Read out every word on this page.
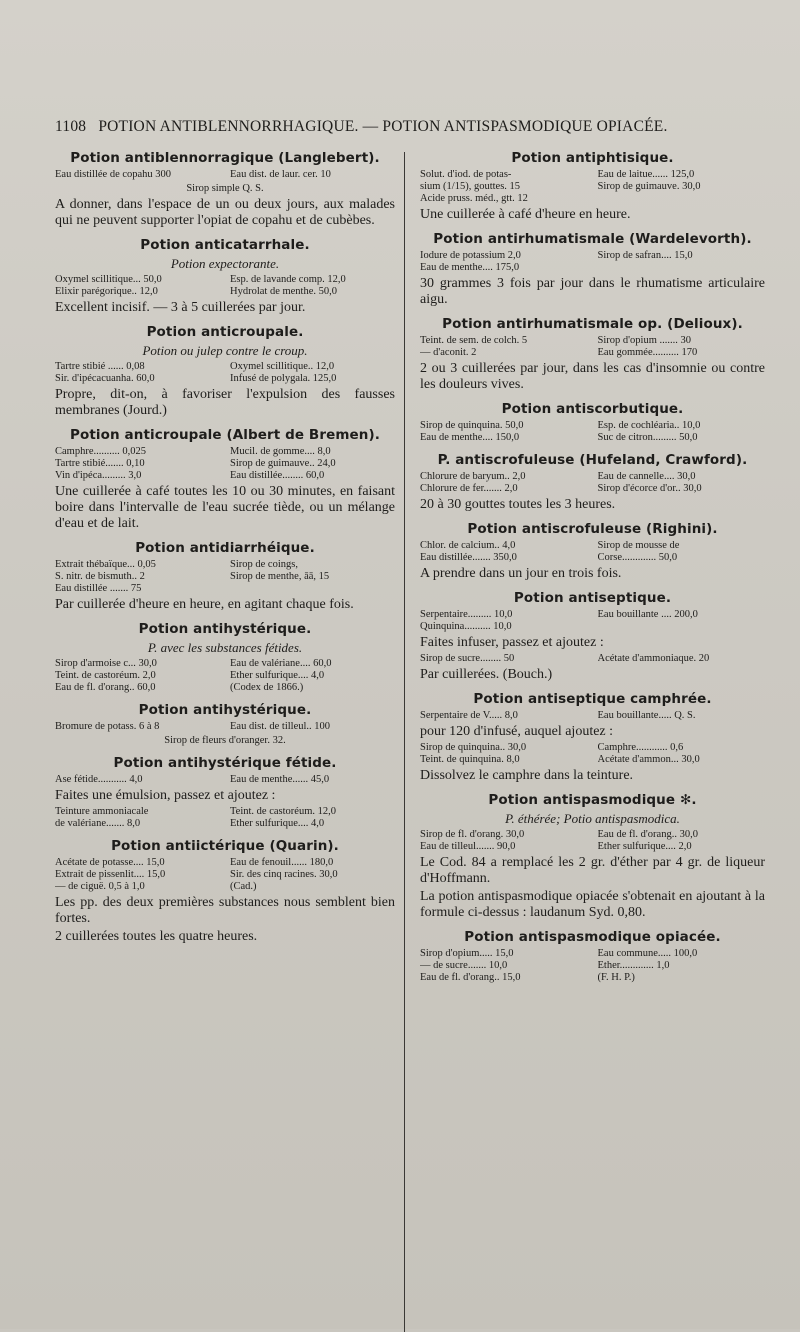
1108 POTION ANTIBLENNORRHAGIQUE. — POTION ANTISPASMODIQUE OPIACÉE.
Potion antiblennorragique (Langlebert).
Eau distillée de copahu 300	Eau dist. de laur. cer. 10
Sirop simple Q. S.
A donner, dans l'espace de un ou deux jours, aux malades qui ne peuvent supporter l'opiat de copahu et de cubèbes.
Potion anticatarrhale.
Potion expectorante.
Oxymel scillitique... 50,0	Esp. de lavande comp. 12,0
Elixir parégorique.. 12,0	Hydrolat de menthe. 50,0
Excellent incisif. — 3 à 5 cuillerées par jour.
Potion anticroupale.
Potion ou julep contre le croup.
Tartre stibié ...... 0,08	Oxymel scillitique.. 12,0
Sir. d'ipécacuanha. 60,0	Infusé de polygala. 125,0
Propre, dit-on, à favoriser l'expulsion des fausses membranes (Jourd.)
Potion anticroupale (Albert de Bremen).
Camphre.......... 0,025	Mucil. de gomme.... 8,0
Tartre stibié....... 0,10	Sirop de guimauve.. 24,0
Vin d'ipéca......... 3,0	Eau distillée........ 60,0
Une cuillerée à café toutes les 10 ou 30 minutes, en faisant boire dans l'intervalle de l'eau sucrée tiède, ou un mélange d'eau et de lait.
Potion antidiarrhéique.
Extrait thébaïque... 0,05	Sirop de coings,
S. nitr. de bismuth.. 2	Sirop de menthe, āā, 15
Eau distillée ....... 75
Par cuillerée d'heure en heure, en agitant chaque fois.
Potion antihystérique.
P. avec les substances fétides.
Sirop d'armoise c... 30,0	Eau de valériane.... 60,0
Teint. de castoréum. 2,0	Ether sulfurique.... 4,0
Eau de fl. d'orang.. 60,0	(Codex de 1866.)
Potion antihystérique.
Bromure de potass. 6 à 8	Eau dist. de tilleul.. 100
Sirop de fleurs d'oranger. 32.
Potion antihystérique fétide.
Ase fétide........... 4,0	Eau de menthe...... 45,0
Faites une émulsion, passez et ajoutez :
Teinture ammoniacale	Teint. de castoréum. 12,0
de valériane....... 8,0	Ether sulfurique.... 4,0
Potion antiictérique (Quarin).
Acétate de potasse.... 15,0	Eau de fenouil...... 180,0
Extrait de pissenlit.... 15,0	Sir. des cinq racines. 30,0
— de ciguë. 0,5 à 1,0	(Cad.)
Les pp. des deux premières substances nous semblent bien fortes.
2 cuillerées toutes les quatre heures.
Potion antiphtisique.
Solut. d'iod. de potas-	Eau de laitue...... 125,0
sium (1/15), gouttes. 15	Sirop de guimauve. 30,0
Acide pruss. méd., gtt. 12
Une cuillerée à café d'heure en heure.
Potion antirhumatismale (Wardelevorth).
Iodure de potassium 2,0	Sirop de safran.... 15,0
Eau de menthe.... 175,0
30 grammes 3 fois par jour dans le rhumatisme articulaire aigu.
Potion antirhumatismale op. (Delioux).
Teint. de sem. de colch. 5	Sirop d'opium ....... 30
— d'aconit. 2	Eau gommée.......... 170
2 ou 3 cuillerées par jour, dans les cas d'insomnie ou contre les douleurs vives.
Potion antiscorbutique.
Sirop de quinquina. 50,0	Esp. de cochléaria.. 10,0
Eau de menthe.... 150,0	Suc de citron......... 50,0
P. antiscrofuleuse (Hufeland, Crawford).
Chlorure de baryum.. 2,0	Eau de cannelle.... 30,0
Chlorure de fer....... 2,0	Sirop d'écorce d'or.. 30,0
20 à 30 gouttes toutes les 3 heures.
Potion antiscrofuleuse (Righini).
Chlor. de calcium.. 4,0	Sirop de mousse de
Eau distillée....... 350,0	Corse............. 50,0
A prendre dans un jour en trois fois.
Potion antiseptique.
Serpentaire......... 10,0	Eau bouillante .... 200,0
Quinquina.......... 10,0
Faites infuser, passez et ajoutez :
Sirop de sucre........ 50	Acétate d'ammoniaque. 20
Par cuillerées. (Bouch.)
Potion antiseptique camphrée.
Serpentaire de V..... 8,0	Eau bouillante..... Q. S.
pour 120 d'infusé, auquel ajoutez :
Sirop de quinquina.. 30,0	Camphre............ 0,6
Teint. de quinquina. 8,0	Acétate d'ammon... 30,0
Dissolvez le camphre dans la teinture.
Potion antispasmodique ✻.
P. éthérée; Potio antispasmodica.
Sirop de fl. d'orang. 30,0	Eau de fl. d'orang.. 30,0
Eau de tilleul....... 90,0	Ether sulfurique.... 2,0
Le Cod. 84 a remplacé les 2 gr. d'éther par 4 gr. de liqueur d'Hoffmann.
La potion antispasmodique opiacée s'obtenait en ajoutant à la formule ci-dessus : laudanum Syd. 0,80.
Potion antispasmodique opiacée.
Sirop d'opium..... 15,0	Eau commune..... 100,0
— de sucre....... 10,0	Ether............. 1,0
Eau de fl. d'orang.. 15,0	(F. H. P.)
